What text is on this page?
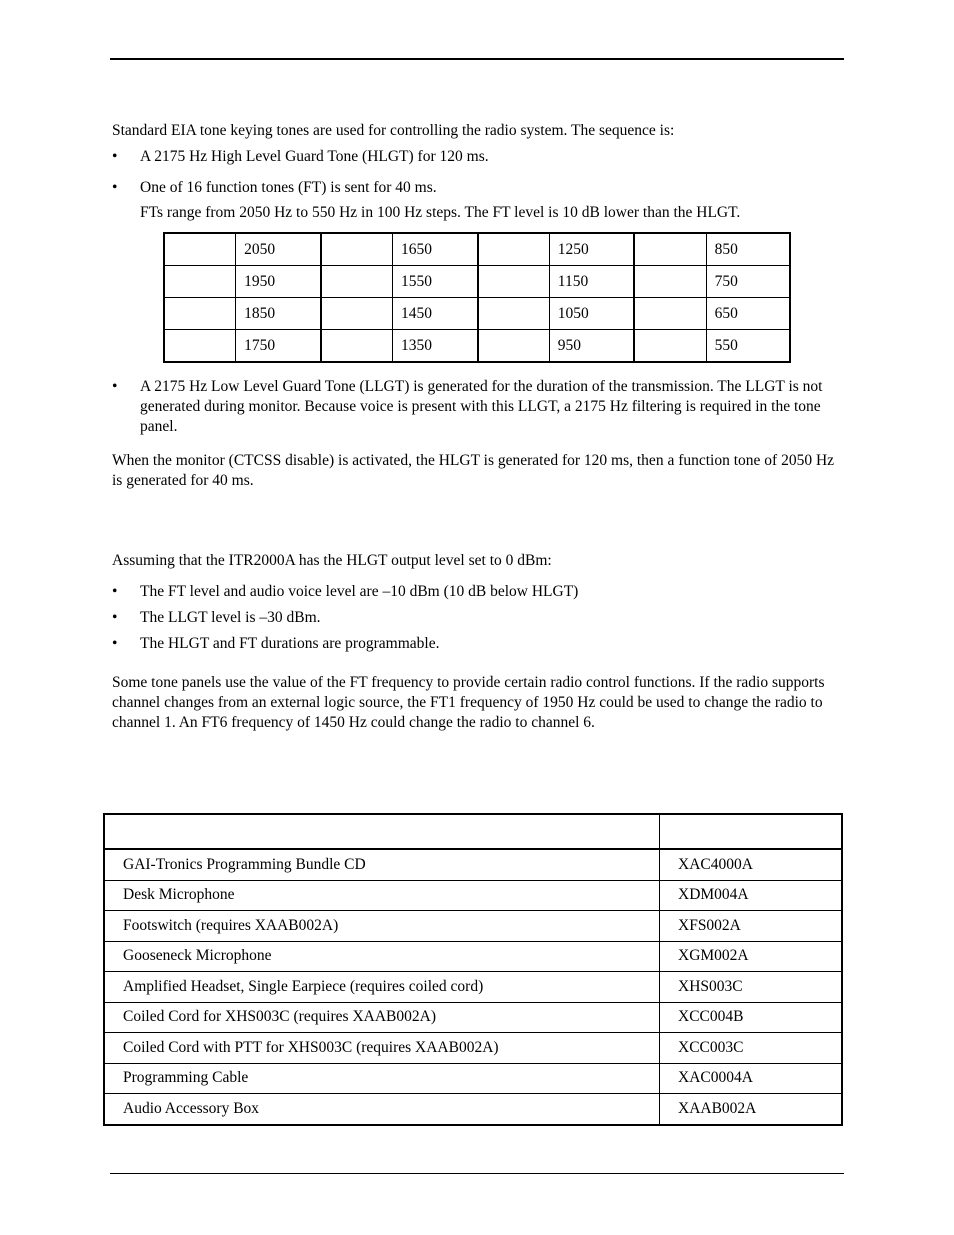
Standard EIA tone keying tones are used for controlling the radio system. The sequence is:

•	A 2175 Hz High Level Guard Tone (HLGT) for 120 ms.
•	One of 16 function tones (FT) is sent for 40 ms.
FTs range from 2050 Hz to 550 Hz in 100 Hz steps. The FT level is 10 dB lower than the HLGT.
	2050		1650		1250		850
	1950		1550		1150		750
	1850		1450		1050		650
	1750		1350		950		550
•	A 2175 Hz Low Level Guard Tone (LLGT) is generated for the duration of the transmission. The LLGT is not generated during monitor. Because voice is present with this LLGT, a 2175 Hz filtering is required in the tone panel.

When the monitor (CTCSS disable) is activated, the HLGT is generated for 120 ms, then a function tone of 2050 Hz is generated for 40 ms.

Assuming that the ITR2000A has the HLGT output level set to 0 dBm:

•	The FT level and audio voice level are –10 dBm (10 dB below HLGT)
•	The LLGT level is –30 dBm.
•	The HLGT and FT durations are programmable.

Some tone panels use the value of the FT frequency to provide certain radio control functions. If the radio supports channel changes from an external logic source, the FT1 frequency of 1950 Hz could be used to change the radio to channel 1. An FT6 frequency of 1450 Hz could change the radio to channel 6.

GAI-Tronics Programming Bundle CD	XAC4000A
Desk Microphone	XDM004A
Footswitch (requires XAAB002A)	XFS002A
Gooseneck Microphone	XGM002A
Amplified Headset, Single Earpiece (requires coiled cord)	XHS003C
Coiled Cord for XHS003C (requires XAAB002A)	XCC004B
Coiled Cord with PTT for XHS003C (requires XAAB002A)	XCC003C
Programming Cable	XAC0004A
Audio Accessory Box	XAAB002A
